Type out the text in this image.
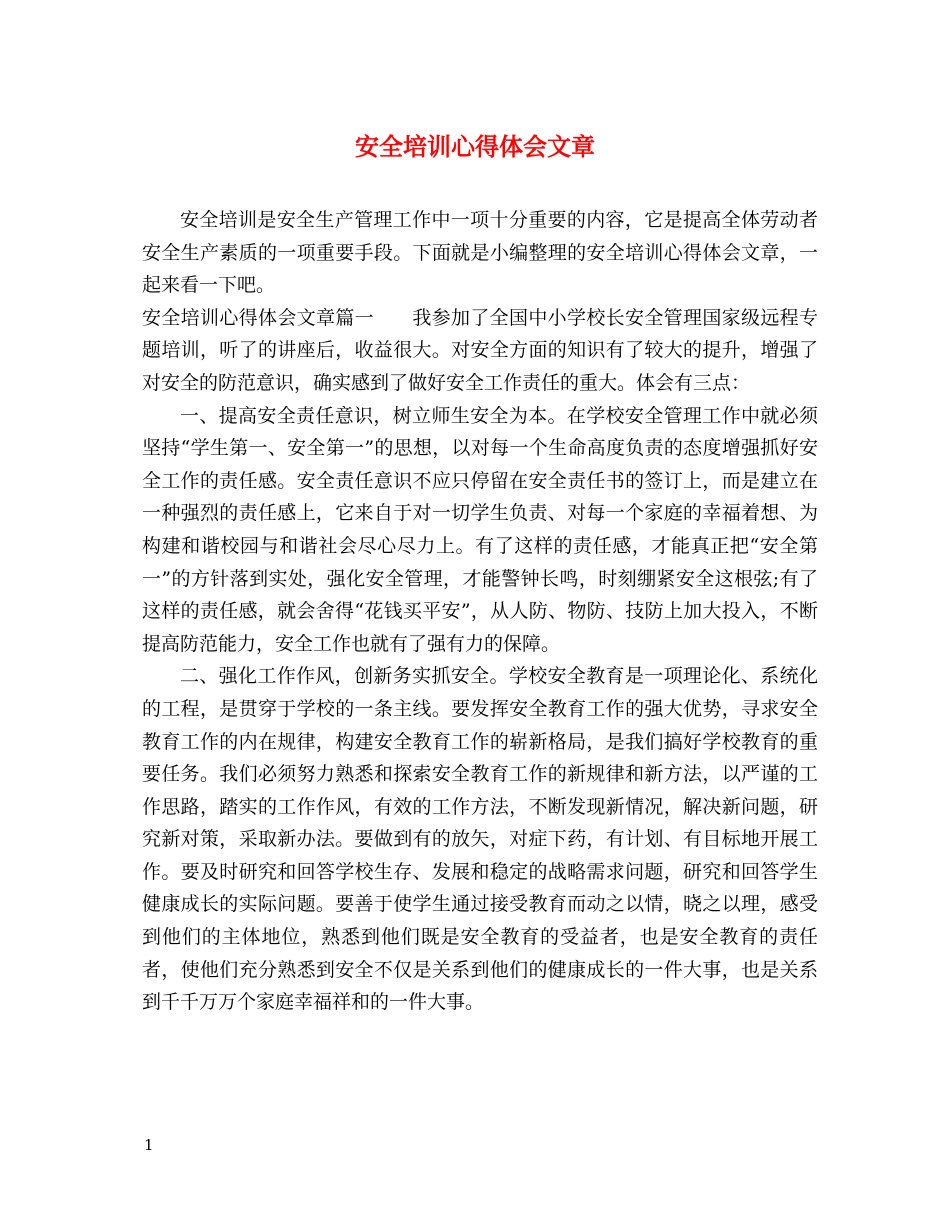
安全培训心得体会文章

安全培训是安全生产管理工作中一项十分重要的内容，它是提高全体劳动者安全生产素质的一项重要手段。下面就是小编整理的安全培训心得体会文章，一起来看一下吧。

安全培训心得体会文章篇一 我参加了全国中小学校长安全管理国家级远程专题培训，听了的讲座后，收益很大。对安全方面的知识有了较大的提升，增强了对安全的防范意识，确实感到了做好安全工作责任的重大。体会有三点：

一、提高安全责任意识，树立师生安全为本。在学校安全管理工作中就必须坚持“学生第一、安全第一”的思想，以对每一个生命高度负责的态度增强抓好安全工作的责任感。安全责任意识不应只停留在安全责任书的签订上，而是建立在一种强烈的责任感上，它来自于对一切学生负责、对每一个家庭的幸福着想、为构建和谐校园与和谐社会尽心尽力上。有了这样的责任感，才能真正把“安全第一”的方针落到实处，强化安全管理，才能警钟长鸣，时刻绷紧安全这根弦;有了这样的责任感，就会舍得“花钱买平安”，从人防、物防、技防上加大投入，不断提高防范能力，安全工作也就有了强有力的保障。

二、强化工作作风，创新务实抓安全。学校安全教育是一项理论化、系统化的工程，是贯穿于学校的一条主线。要发挥安全教育工作的强大优势，寻求安全教育工作的内在规律，构建安全教育工作的崭新格局，是我们搞好学校教育的重要任务。我们必须努力熟悉和探索安全教育工作的新规律和新方法，以严谨的工作思路，踏实的工作作风，有效的工作方法，不断发现新情况，解决新问题，研究新对策，采取新办法。要做到有的放矢，对症下药，有计划、有目标地开展工作。要及时研究和回答学校生存、发展和稳定的战略需求问题，研究和回答学生健康成长的实际问题。要善于使学生通过接受教育而动之以情，晓之以理，感受到他们的主体地位，熟悉到他们既是安全教育的受益者，也是安全教育的责任者，使他们充分熟悉到安全不仅是关系到他们的健康成长的一件大事，也是关系到千千万万个家庭幸福祥和的一件大事。

1
